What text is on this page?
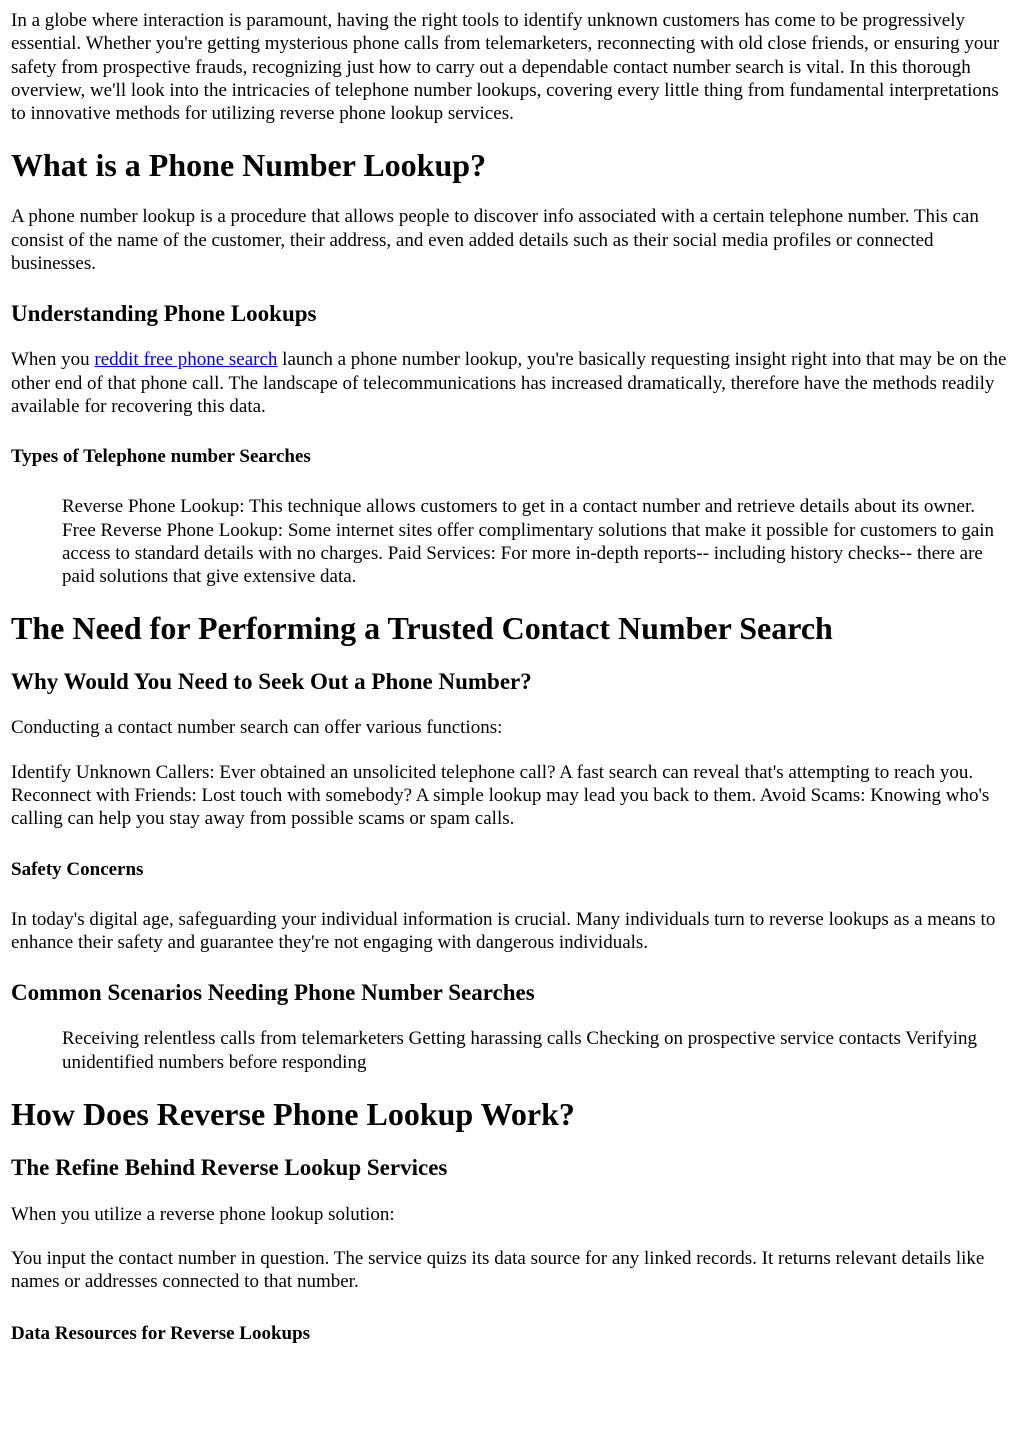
In a globe where interaction is paramount, having the right tools to identify unknown customers has come to be progressively essential. Whether you're getting mysterious phone calls from telemarketers, reconnecting with old close friends, or ensuring your safety from prospective frauds, recognizing just how to carry out a dependable contact number search is vital. In this thorough overview, we'll look into the intricacies of telephone number lookups, covering every little thing from fundamental interpretations to innovative methods for utilizing reverse phone lookup services.

What is a Phone Number Lookup?

A phone number lookup is a procedure that allows people to discover info associated with a certain telephone number. This can consist of the name of the customer, their address, and even added details such as their social media profiles or connected businesses.

Understanding Phone Lookups

When you reddit free phone search launch a phone number lookup, you're basically requesting insight right into that may be on the other end of that phone call. The landscape of telecommunications has increased dramatically, therefore have the methods readily available for recovering this data.

Types of Telephone number Searches
Reverse Phone Lookup: This technique allows customers to get in a contact number and retrieve details about its owner. Free Reverse Phone Lookup: Some internet sites offer complimentary solutions that make it possible for customers to gain access to standard details with no charges. Paid Services: For more in-depth reports-- including history checks-- there are paid solutions that give extensive data.
The Need for Performing a Trusted Contact Number Search
Why Would You Need to Seek Out a Phone Number?

Conducting a contact number search can offer various functions:

Identify Unknown Callers: Ever obtained an unsolicited telephone call? A fast search can reveal that's attempting to reach you. Reconnect with Friends: Lost touch with somebody? A simple lookup may lead you back to them. Avoid Scams: Knowing who's calling can help you stay away from possible scams or spam calls.

Safety Concerns

In today's digital age, safeguarding your individual information is crucial. Many individuals turn to reverse lookups as a means to enhance their safety and guarantee they're not engaging with dangerous individuals.

Common Scenarios Needing Phone Number Searches
Receiving relentless calls from telemarketers Getting harassing calls Checking on prospective service contacts Verifying unidentified numbers before responding
How Does Reverse Phone Lookup Work?
The Refine Behind Reverse Lookup Services

When you utilize a reverse phone lookup solution:

You input the contact number in question. The service quizs its data source for any linked records. It returns relevant details like names or addresses connected to that number.

Data Resources for Reverse Lookups
